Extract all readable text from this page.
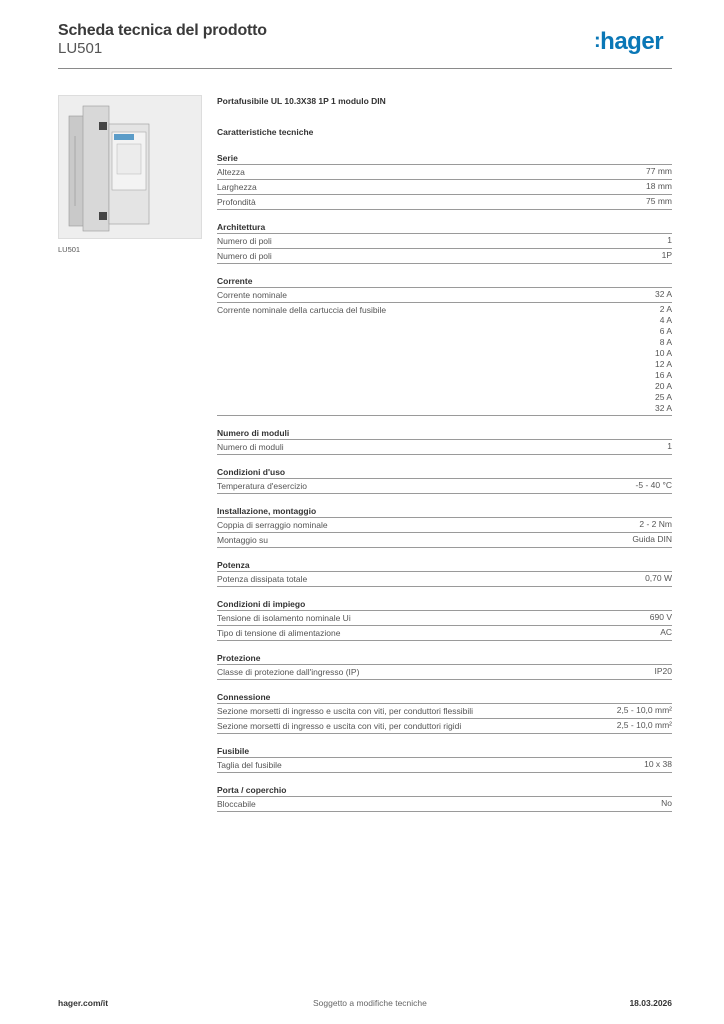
Scheda tecnica del prodotto
LU501	: hager
LU501
Portafusibile UL 10.3X38 1P 1 modulo DIN
Caratteristiche tecniche
Serie
Altezza	77 mm
Larghezza	18 mm
Profondità	75 mm
Architettura
Numero di poli	1
Numero di poli	1P
Corrente
Corrente nominale	32 A
Corrente nominale della cartuccia del fusibile	2 A
4 A
6 A
8 A
10 A
12 A
16 A
20 A
25 A
32 A
Numero di moduli
Numero di moduli	1
Condizioni d'uso
Temperatura d'esercizio	-5 - 40 °C
Installazione, montaggio
Coppia di serraggio nominale	2 - 2 Nm
Montaggio su	Guida DIN
Potenza
Potenza dissipata totale	0,70 W
Condizioni di impiego
Tensione di isolamento nominale Ui	690 V
Tipo di tensione di alimentazione	AC
Protezione
Classe di protezione dall'ingresso (IP)	IP20
Connessione
Sezione morsetti di ingresso e uscita con viti, per conduttori flessibili	2,5 - 10,0 mm²
Sezione morsetti di ingresso e uscita con viti, per conduttori rigidi	2,5 - 10,0 mm²
Fusibile
Taglia del fusibile	10 x 38
Porta / coperchio
Bloccabile	No
hager.com/it	Soggetto a modifiche tecniche	18.03.2026
